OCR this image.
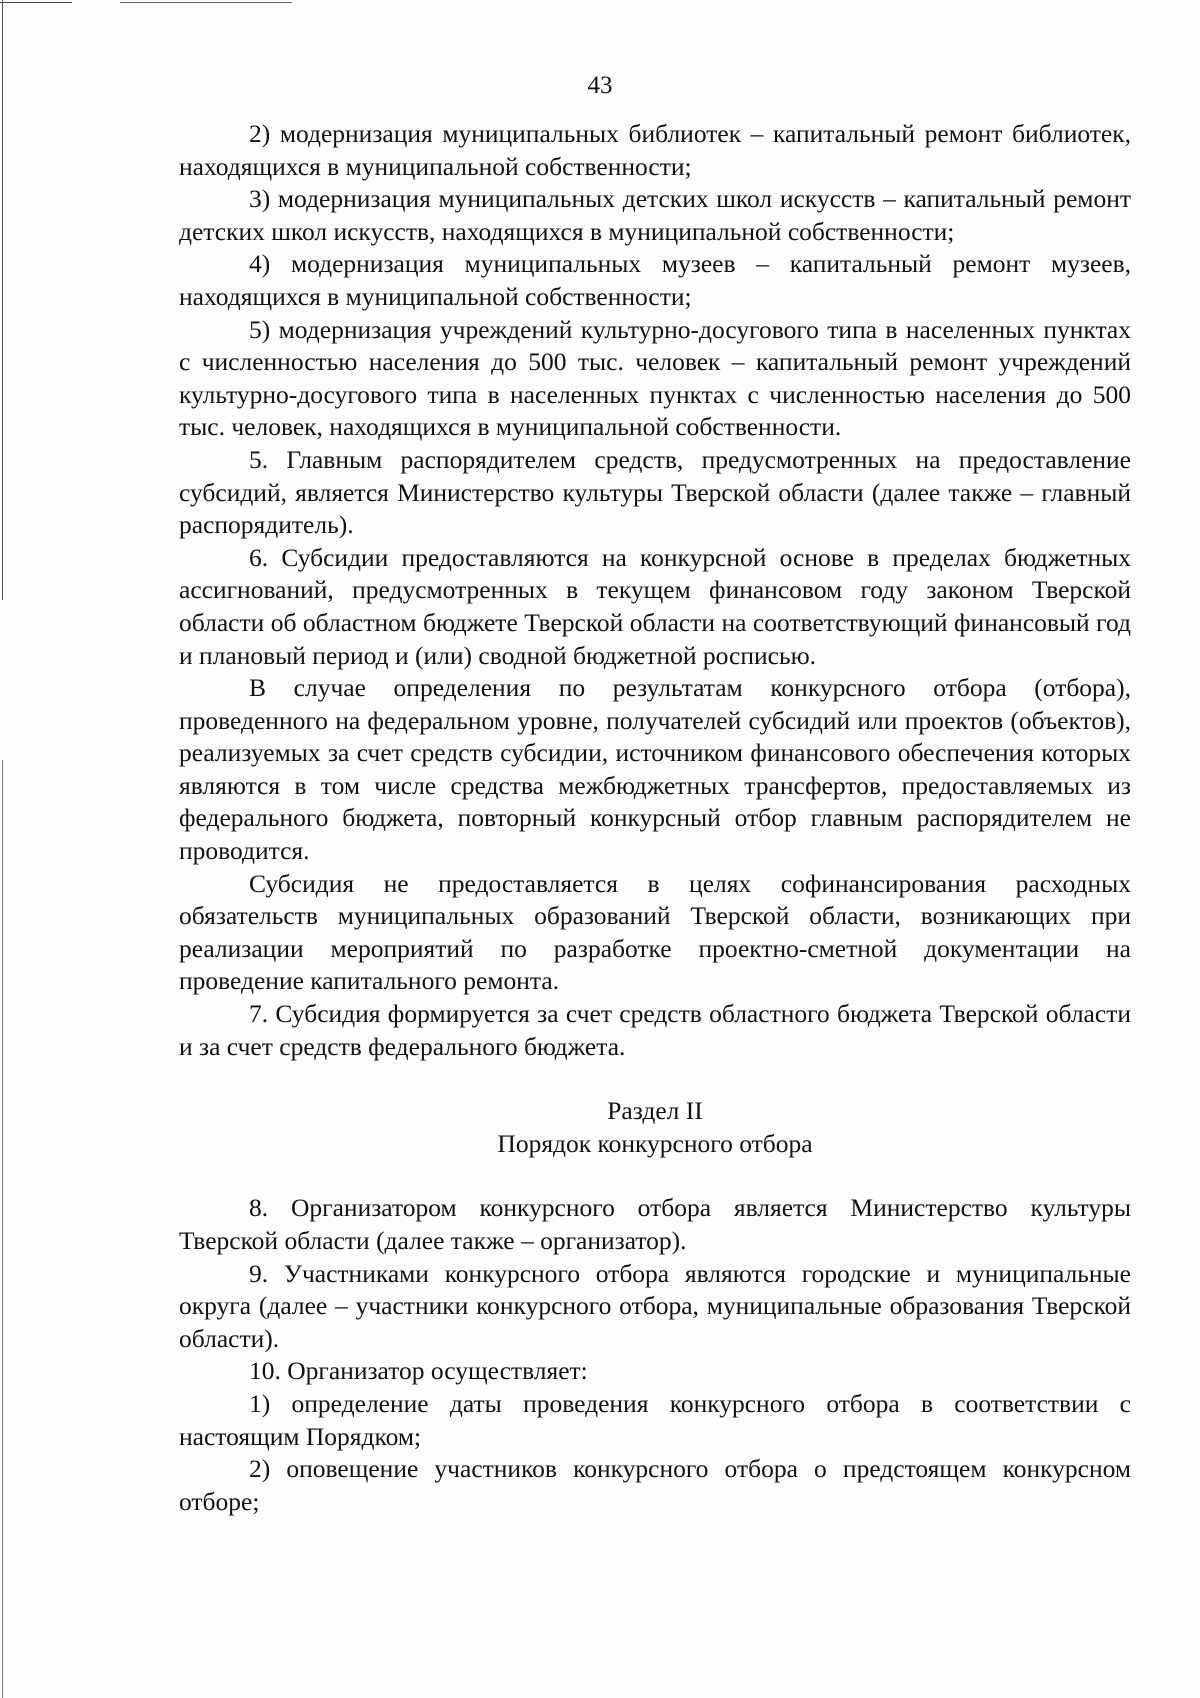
43

2) модернизация муниципальных библиотек – капитальный ремонт библиотек, находящихся в муниципальной собственности;

3) модернизация муниципальных детских школ искусств – капитальный ремонт детских школ искусств, находящихся в муниципальной собственности;

4) модернизация муниципальных музеев – капитальный ремонт музеев, находящихся в муниципальной собственности;

5) модернизация учреждений культурно-досугового типа в населенных пунктах с численностью населения до 500 тыс. человек – капитальный ремонт учреждений культурно-досугового типа в населенных пунктах с численностью населения до 500 тыс. человек, находящихся в муниципальной собственности.

5. Главным распорядителем средств, предусмотренных на предоставление субсидий, является Министерство культуры Тверской области (далее также – главный распорядитель).

6. Субсидии предоставляются на конкурсной основе в пределах бюджетных ассигнований, предусмотренных в текущем финансовом году законом Тверской области об областном бюджете Тверской области на соответствующий финансовый год и плановый период и (или) сводной бюджетной росписью.

В случае определения по результатам конкурсного отбора (отбора), проведенного на федеральном уровне, получателей субсидий или проектов (объектов), реализуемых за счет средств субсидии, источником финансового обеспечения которых являются в том числе средства межбюджетных трансфертов, предоставляемых из федерального бюджета, повторный конкурсный отбор главным распорядителем не проводится.

Субсидия не предоставляется в целях софинансирования расходных обязательств муниципальных образований Тверской области, возникающих при реализации мероприятий по разработке проектно-сметной документации на проведение капитального ремонта.

7. Субсидия формируется за счет средств областного бюджета Тверской области и за счет средств федерального бюджета.

Раздел II

Порядок конкурсного отбора

8. Организатором конкурсного отбора является Министерство культуры Тверской области (далее также – организатор).

9. Участниками конкурсного отбора являются городские и муниципальные округа (далее – участники конкурсного отбора, муниципальные образования Тверской области).

10. Организатор осуществляет:

1) определение даты проведения конкурсного отбора в соответствии с настоящим Порядком;

2) оповещение участников конкурсного отбора о предстоящем конкурсном отборе;
